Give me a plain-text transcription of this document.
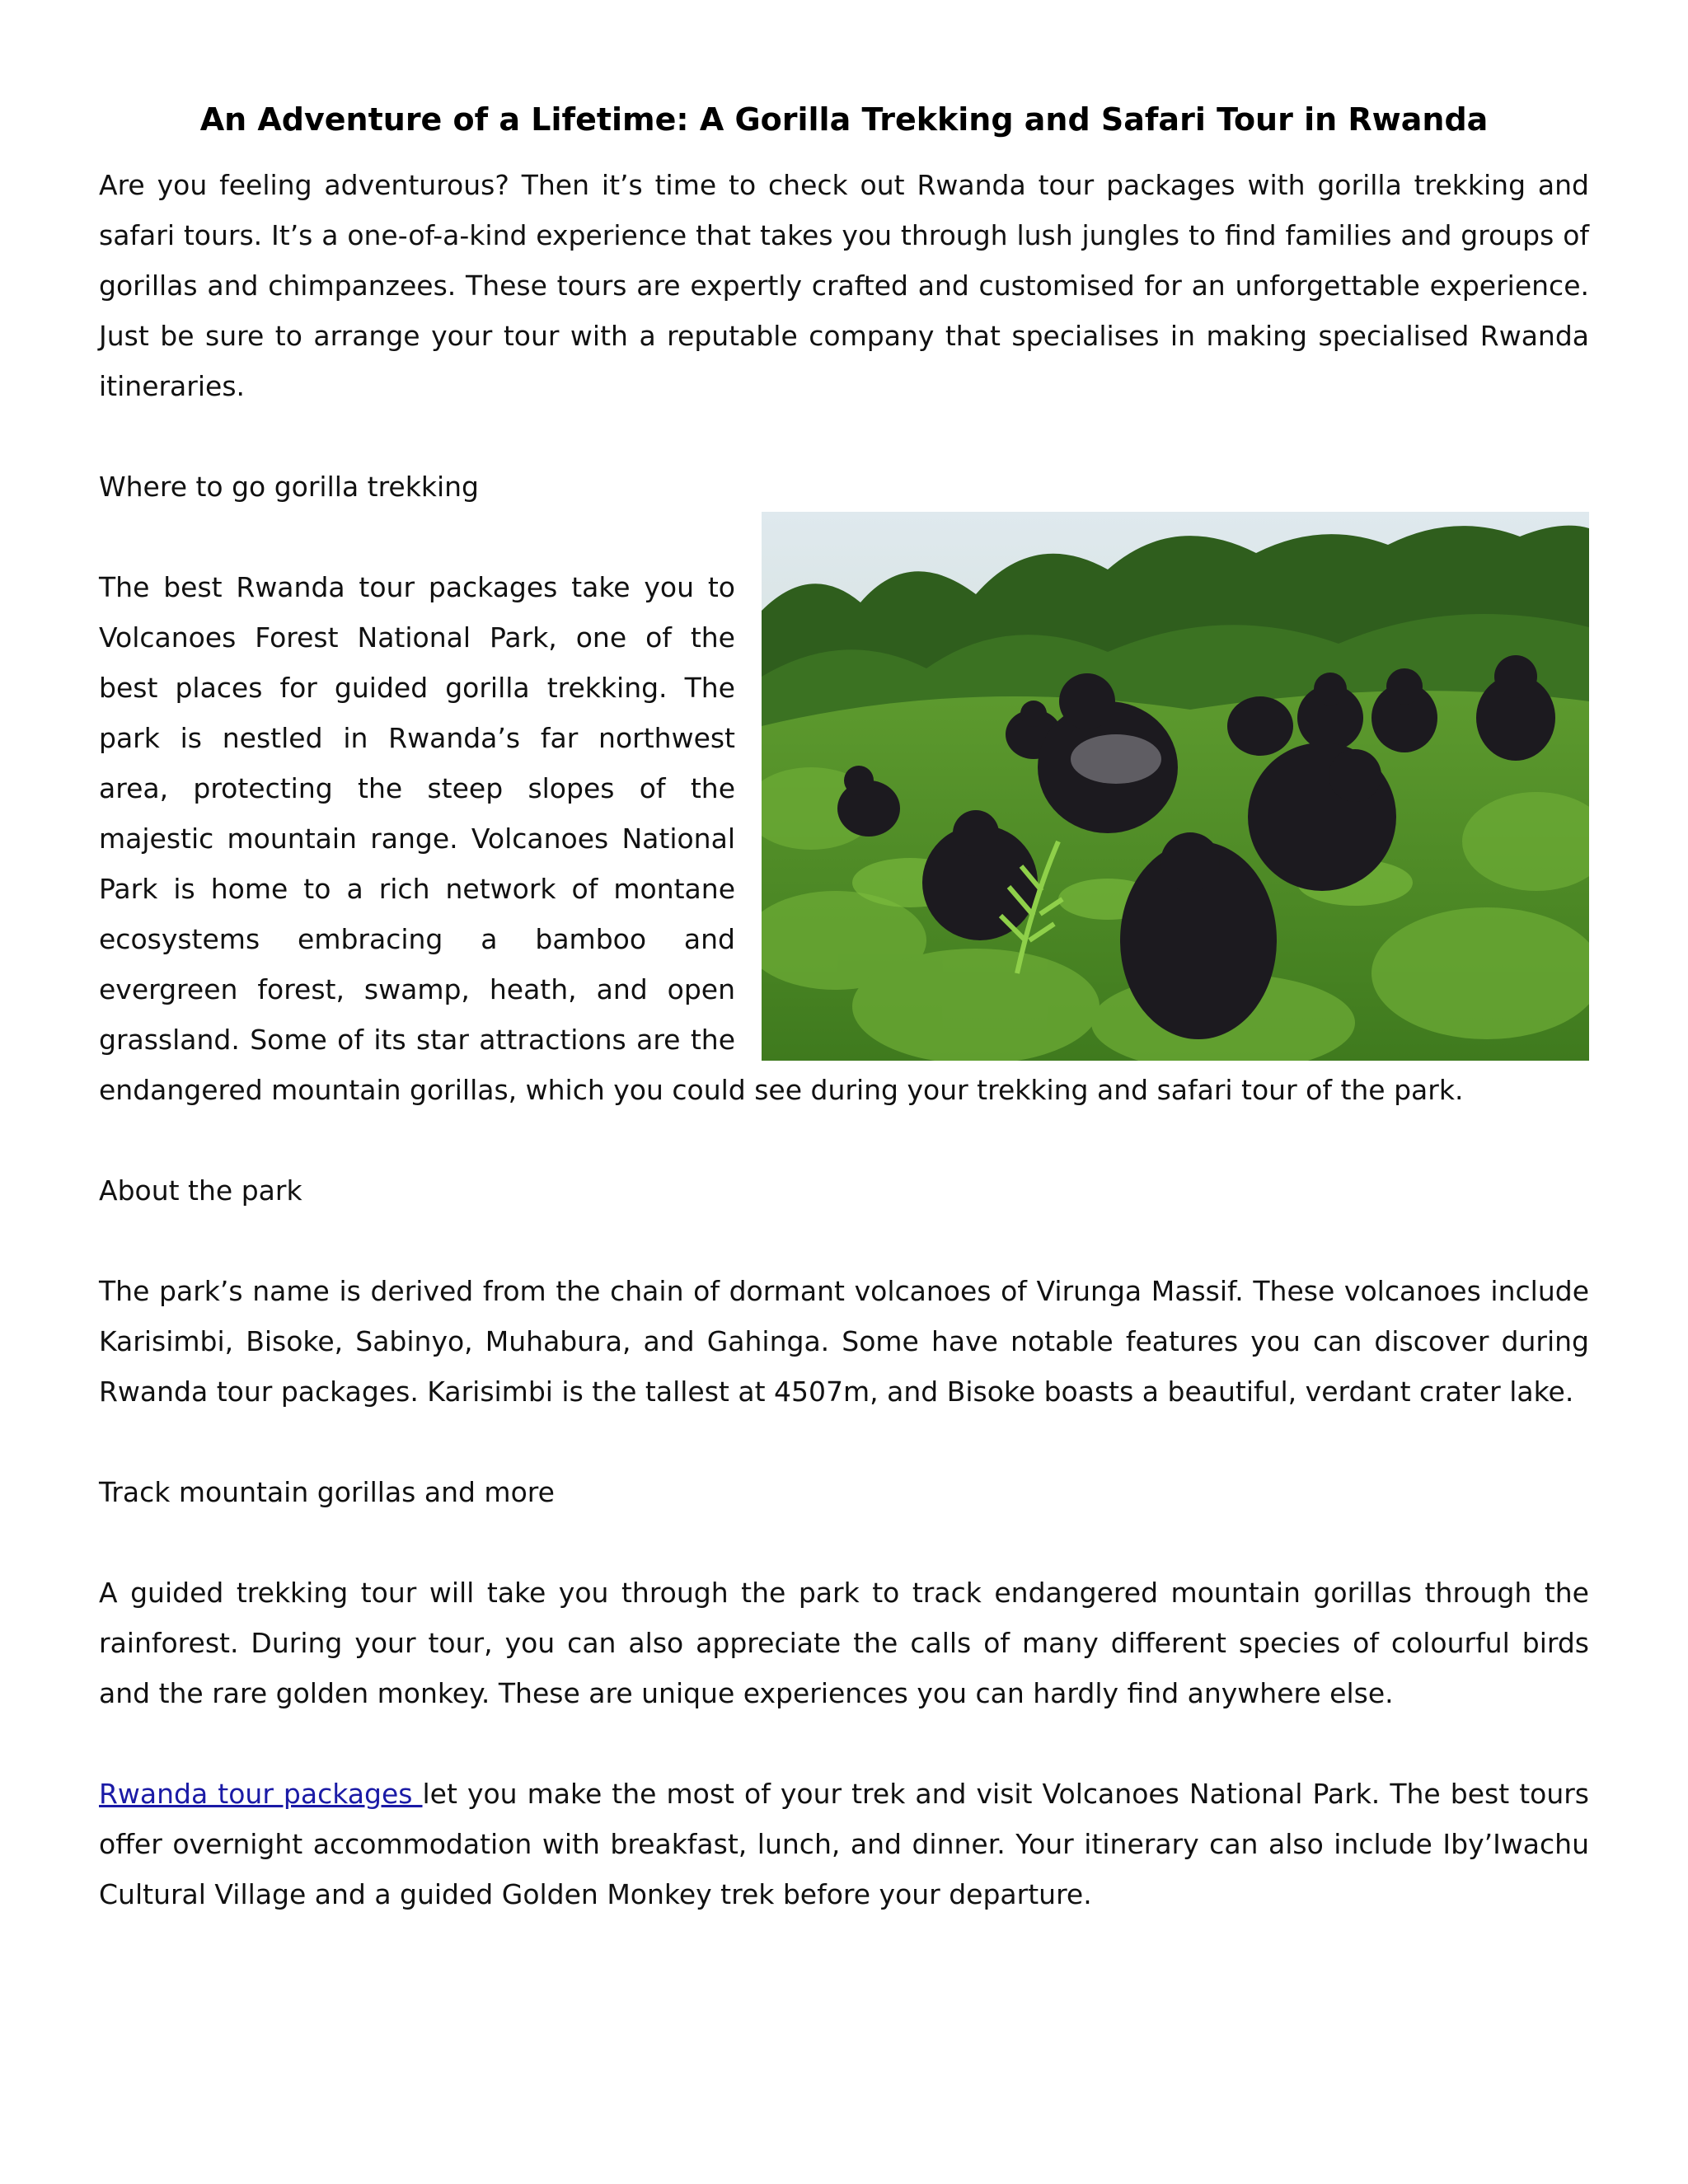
An Adventure of a Lifetime: A Gorilla Trekking and Safari Tour in Rwanda

Are you feeling adventurous? Then it’s time to check out Rwanda tour packages with gorilla trekking and safari tours. It’s a one-of-a-kind experience that takes you through lush jungles to find families and groups of gorillas and chimpanzees. These tours are expertly crafted and customised for an unforgettable experience. Just be sure to arrange your tour with a reputable company that specialises in making specialised Rwanda itineraries.

Where to go gorilla trekking

The best Rwanda tour packages take you to Volcanoes Forest National Park, one of the best places for guided gorilla trekking. The park is nestled in Rwanda’s far northwest area, protecting the steep slopes of the majestic mountain range. Volcanoes National Park is home to a rich network of montane ecosystems embracing a bamboo and evergreen forest, swamp, heath, and open grassland. Some of its star attractions are the endangered mountain gorillas, which you could see during your trekking and safari tour of the park.

About the park

The park’s name is derived from the chain of dormant volcanoes of Virunga Massif. These volcanoes include Karisimbi, Bisoke, Sabinyo, Muhabura, and Gahinga. Some have notable features you can discover during Rwanda tour packages. Karisimbi is the tallest at 4507m, and Bisoke boasts a beautiful, verdant crater lake.

Track mountain gorillas and more

A guided trekking tour will take you through the park to track endangered mountain gorillas through the rainforest. During your tour, you can also appreciate the calls of many different species of colourful birds and the rare golden monkey. These are unique experiences you can hardly find anywhere else.

Rwanda tour packages let you make the most of your trek and visit Volcanoes National Park. The best tours offer overnight accommodation with breakfast, lunch, and dinner. Your itinerary can also include Iby’Iwachu Cultural Village and a guided Golden Monkey trek before your departure.
